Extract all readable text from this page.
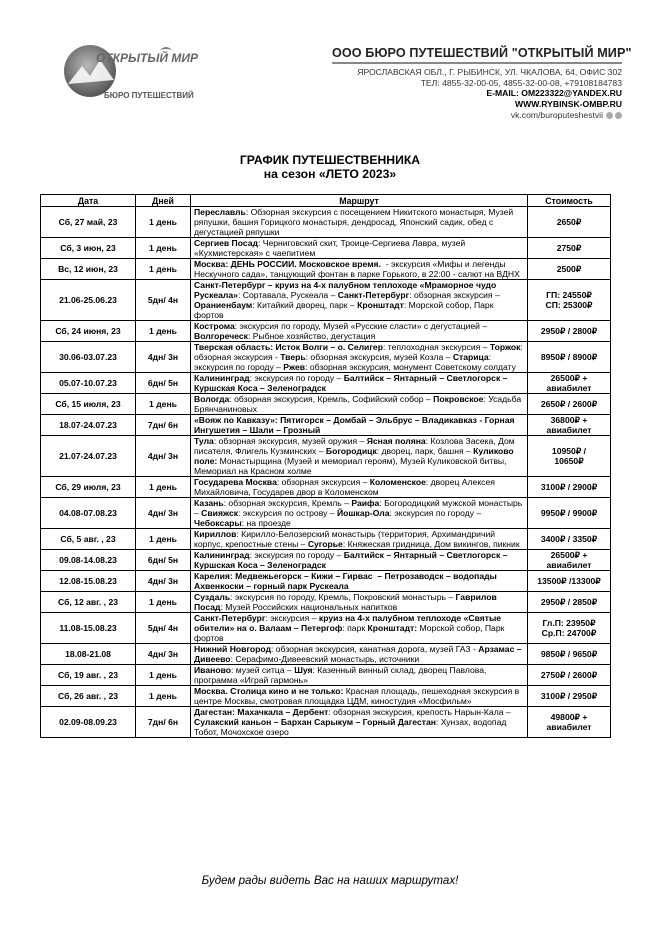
ОТКРЫТЫЙ МИР
БЮРО ПУТЕШЕСТВИЙ
ООО БЮРО ПУТЕШЕСТВИЙ "ОТКРЫТЫЙ МИР"
ЯРОСЛАВСКАЯ ОБЛ., Г. РЫБИНСК, УЛ. ЧКАЛОВА, 64, ОФИС 302
ТЕЛ: 4855-32-00-05, 4855-32-00-08, +79108184783
E-MAIL: OM223322@YANDEX.RU
WWW.RYBINSK-OMBP.RU
vk.com/buroputeshestvii
ГРАФИК ПУТЕШЕСТВЕННИКА
на сезон «ЛЕТО 2023»
Дата	Дней	Маршрут	Стоимость
Сб, 27 май, 23	1 день	Переславль: Обзорная экскурсия с посещением Никитского монастыря, Музей ряпушки, башня Горицкого монастыря, дендросад, Японский садик, обед с дегустацией ряпушки	2650₽
Сб, 3 июн, 23	1 день	Сергиев Посад: Черниговский скит, Троице-Сергиева Лавра, музей «Кухмистерская» с чаепитием	2750₽
Вс, 12 июн, 23	1 день	Москва: ДЕНЬ РОССИИ. Московское время.  - экскурсия «Мифы и легенды Нескучного сада», танцующий фонтан в парке Горького, в 22:00 - салют на ВДНХ	2500₽
21.06-25.06.23	5дн/ 4н	Санкт-Петербург – круиз на 4-х палубном теплоходе «Мраморное чудо Рускеала»: Сортавала, Рускеала – Санкт-Петербург: обзорная экскурсия – Ораниенбаум: Китайкий дворец, парк – Кронштадт: Морской собор, Парк фортов	ГП: 24550₽
СП: 25300₽
Сб, 24 июня, 23	1 день	Кострома: экскурсия по городу, Музей «Русские сласти» с дегустацией – Волгореческ: Рыбное хозяйство, дегустация	2950₽ / 2800₽
30.06-03.07.23	4дн/ 3н	Тверская область: Исток Волги – о. Селигер: теплоходная экскурсия – Торжок: обзорная экскурсия - Тверь: обзорная экскурсия, музей Козла – Старица: экскурсия по городу – Ржев: обзорная экскурсия, монумент Советскому солдату	8950₽ / 8900₽
05.07-10.07.23	6дн/ 5н	Калининград: экскурсия по городу – Балтийск – Янтарный – Светлогорск – Куршская Коса – Зеленоградск	26500₽ +
авиабилет
Сб, 15 июля, 23	1 день	Вологда: обзорная экскурсия, Кремль, Софийский собор – Покровское: Усадьба Брянчаниновых	2650₽ / 2600₽
18.07-24.07.23	7дн/ 6н	«Вояж по Кавказу»: Пятигорск – Домбай – Эльбрус – Владикавказ - Горная Ингушетия – Шали – Грозный	36800₽ +
авиабилет
21.07-24.07.23	4дн/ 3н	Тула: обзорная экскурсия, музей оружия – Ясная поляна: Козлова Засека, Дом писателя, Флигель Кузминских – Богородицк: дворец, парк, башня – Куликово поле: Монастырщина (Музей и мемориал героям), Музей Куликовской битвы, Мемориал на Красном холме	10950₽ /
10650₽
Сб, 29 июля, 23	1 день	Государева Москва: обзорная экскурсия – Коломенское: дворец Алексея Михайловича, Государев двор в Коломенском	3100₽ / 2900₽
04.08-07.08.23	4дн/ 3н	Казань: обзорная экскурсия, Кремль – Раифа: Богородицкий мужской монастырь – Свияжск: экскурсия по острову – Йошкар-Ола: экскурсия по городу – Чебоксары: на проезде	9950₽ / 9900₽
Сб, 5 авг. , 23	1 день	Кириллов: Кирилло-Белозерский монастырь (территория, Архимандричий корпус, крепостные стены – Сугорье: Княжеская гридница, Дом викингов, пикник	3400₽ / 3350₽
09.08-14.08.23	6дн/ 5н	Калининград: экскурсия по городу – Балтийск – Янтарный – Светлогорск – Куршская Коса – Зеленоградск	26500₽ +
авиабилет
12.08-15.08.23	4дн/ 3н	Карелия: Медвежьегорск – Кижи – Гирвас  – Петрозаводск – водопады Ахвенкоски – горный парк Рускеала	13500₽ /13300₽
Сб, 12 авг. , 23	1 день	Суздаль: экскурсия по городу, Кремль, Покровский монастырь – Гаврилов Посад: Музей Российских национальных напитков	2950₽ / 2850₽
11.08-15.08.23	5дн/ 4н	Санкт-Петербург: экскурсия – круиз на 4-х палубном теплоходе «Святые обители» на о. Валаам – Петергоф: парк Кронштадт: Морской собор, Парк фортов	Гл.П: 23950₽
Ср.П: 24700₽
18.08-21.08	4дн/ 3н	Нижний Новгород: обзорная экскурсия, канатная дорога, музей ГАЗ - Арзамас – Дивеево: Серафимо-Дивеевский монастырь, источники	9850₽ / 9650₽
Сб, 19 авг. , 23	1 день	Иваново: музей ситца – Шуя: Казенный винный склад, дворец Павлова, программа «Играй гармонь»	2750₽ / 2600₽
Сб, 26 авг. , 23	1 день	Москва. Столица кино и не только: Красная площадь, пешеходная экскурсия в центре Москвы, смотровая площадка ЦДМ, киностудия «Мосфильм»	3100₽ / 2950₽
02.09-08.09.23	7дн/ 6н	Дагестан: Махачкала – Дербент: обзорная экскурсия, крепость Нарын-Кала – Сулакский каньон – Бархан Сарыкум – Горный Дагестан: Хунзах, водопад Тобот, Мочохское озеро	49800₽ +
авиабилет
Будем рады видеть Вас на наших маршрутах!
